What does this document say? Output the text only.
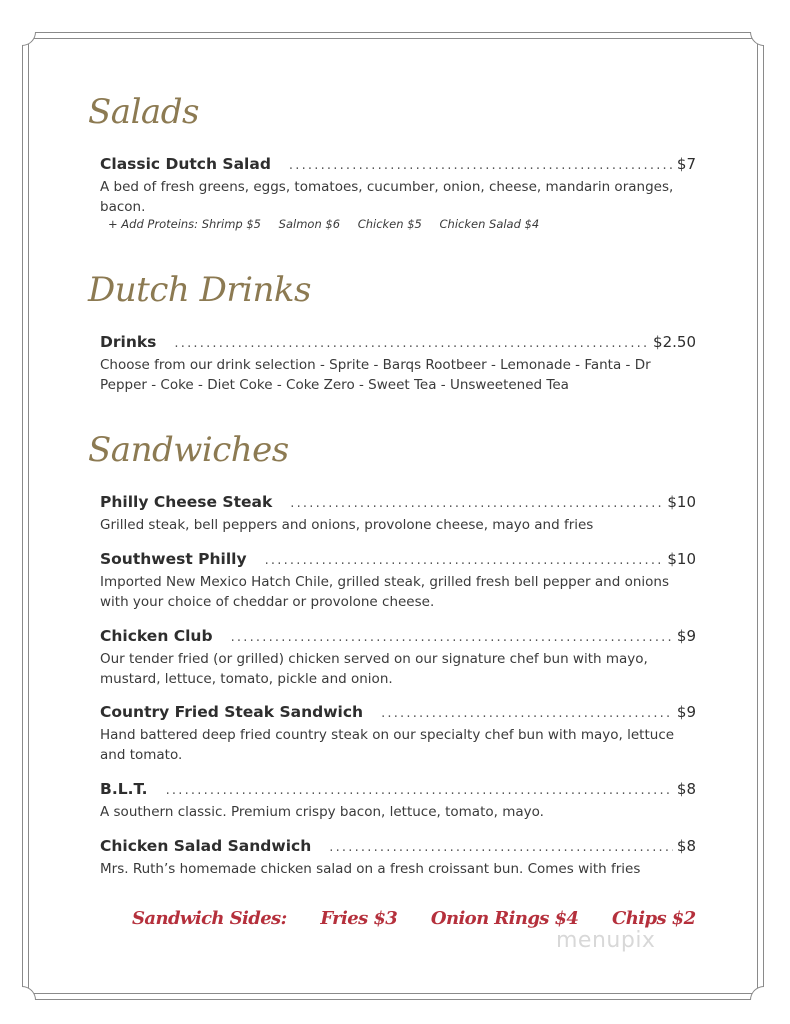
Salads
Classic Dutch Salad .....	$7
A bed of fresh greens, eggs, tomatoes, cucumber, onion, cheese, mandarin oranges, bacon.
+ Add Proteins: Shrimp $5 Salmon $6 Chicken $5 Chicken Salad $4
Dutch Drinks
Drinks .....	$2.50
Choose from our drink selection - Sprite - Barqs Rootbeer - Lemonade - Fanta - Dr Pepper - Coke - Diet Coke - Coke Zero - Sweet Tea - Unsweetened Tea
Sandwiches
Philly Cheese Steak .....	$10
Grilled steak, bell peppers and onions, provolone cheese, mayo and fries
Southwest Philly .....	$10
Imported New Mexico Hatch Chile, grilled steak, grilled fresh bell pepper and onions with your choice of cheddar or provolone cheese.
Chicken Club .....	$9
Our tender fried (or grilled) chicken served on our signature chef bun with mayo, mustard, lettuce, tomato, pickle and onion.
Country Fried Steak Sandwich .....	$9
Hand battered deep fried country steak on our specialty chef bun with mayo, lettuce and tomato.
B.L.T. .....	$8
A southern classic. Premium crispy bacon, lettuce, tomato, mayo.
Chicken Salad Sandwich .....	$8
Mrs. Ruth’s homemade chicken salad on a fresh croissant bun. Comes with fries
Sandwich Sides: Fries $3 Onion Rings $4 Chips $2
menupix
